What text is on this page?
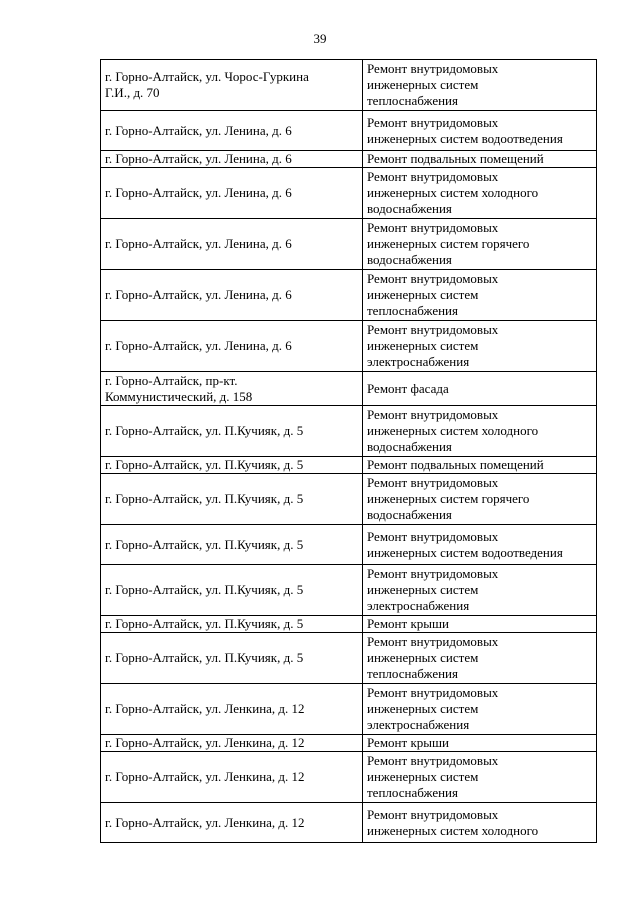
39
г. Горно-Алтайск, ул. Чорос-Гуркина
Г.И., д. 70	Ремонт внутридомовых
инженерных систем
теплоснабжения
г. Горно-Алтайск, ул. Ленина, д. 6	Ремонт внутридомовых
инженерных систем водоотведения
г. Горно-Алтайск, ул. Ленина, д. 6	Ремонт подвальных помещений
г. Горно-Алтайск, ул. Ленина, д. 6	Ремонт внутридомовых
инженерных систем холодного
водоснабжения
г. Горно-Алтайск, ул. Ленина, д. 6	Ремонт внутридомовых
инженерных систем горячего
водоснабжения
г. Горно-Алтайск, ул. Ленина, д. 6	Ремонт внутридомовых
инженерных систем
теплоснабжения
г. Горно-Алтайск, ул. Ленина, д. 6	Ремонт внутридомовых
инженерных систем
электроснабжения
г. Горно-Алтайск, пр-кт.
Коммунистический, д. 158	Ремонт фасада
г. Горно-Алтайск, ул. П.Кучияк, д. 5	Ремонт внутридомовых
инженерных систем холодного
водоснабжения
г. Горно-Алтайск, ул. П.Кучияк, д. 5	Ремонт подвальных помещений
г. Горно-Алтайск, ул. П.Кучияк, д. 5	Ремонт внутридомовых
инженерных систем горячего
водоснабжения
г. Горно-Алтайск, ул. П.Кучияк, д. 5	Ремонт внутридомовых
инженерных систем водоотведения
г. Горно-Алтайск, ул. П.Кучияк, д. 5	Ремонт внутридомовых
инженерных систем
электроснабжения
г. Горно-Алтайск, ул. П.Кучияк, д. 5	Ремонт крыши
г. Горно-Алтайск, ул. П.Кучияк, д. 5	Ремонт внутридомовых
инженерных систем
теплоснабжения
г. Горно-Алтайск, ул. Ленкина, д. 12	Ремонт внутридомовых
инженерных систем
электроснабжения
г. Горно-Алтайск, ул. Ленкина, д. 12	Ремонт крыши
г. Горно-Алтайск, ул. Ленкина, д. 12	Ремонт внутридомовых
инженерных систем
теплоснабжения
г. Горно-Алтайск, ул. Ленкина, д. 12	Ремонт внутридомовых
инженерных систем холодного
